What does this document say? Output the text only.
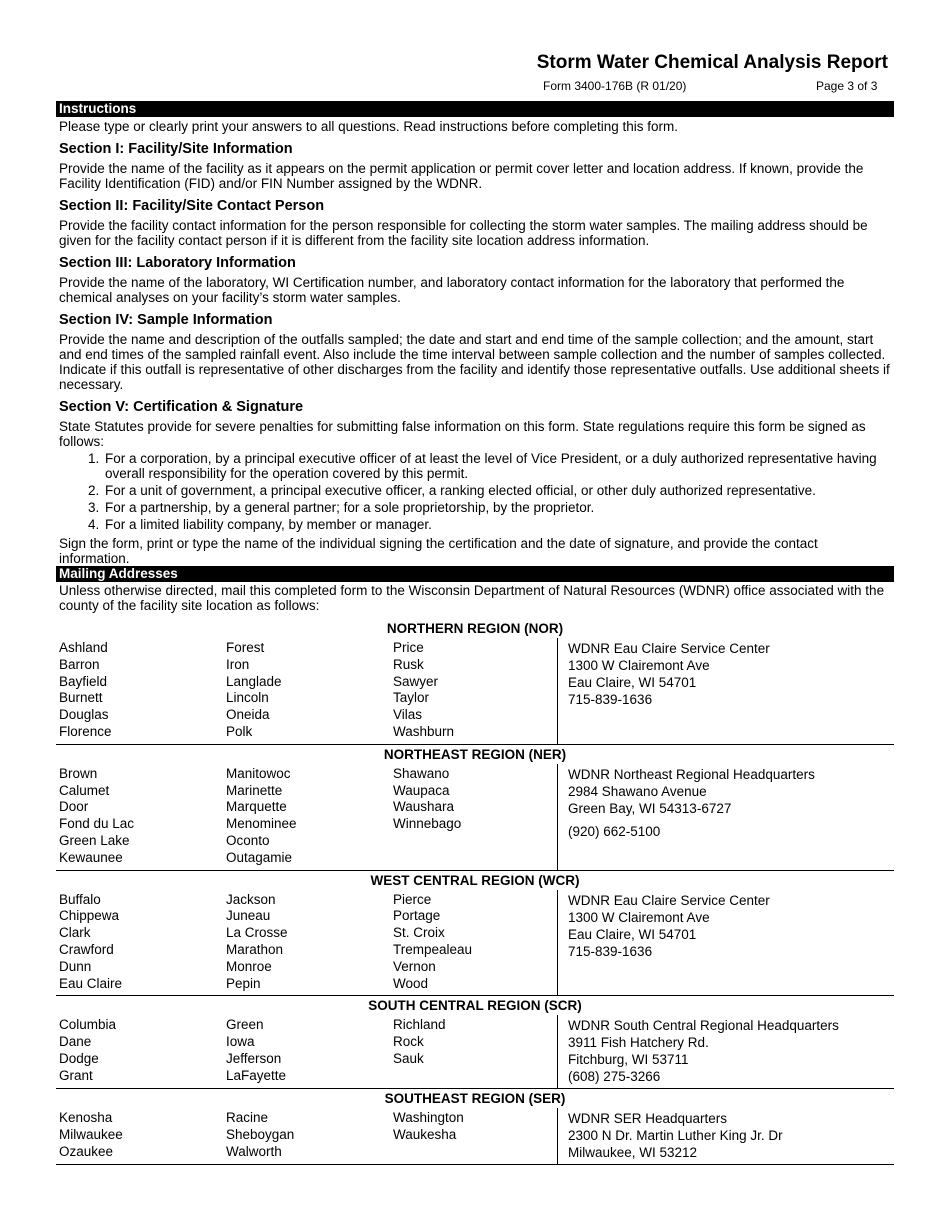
Storm Water Chemical Analysis Report
Form 3400-176B (R 01/20)	Page 3 of 3
Instructions

Please type or clearly print your answers to all questions. Read instructions before completing this form.

Section I: Facility/Site Information

Provide the name of the facility as it appears on the permit application or permit cover letter and location address. If known, provide the Facility Identification (FID) and/or FIN Number assigned by the WDNR.

Section II: Facility/Site Contact Person

Provide the facility contact information for the person responsible for collecting the storm water samples. The mailing address should be given for the facility contact person if it is different from the facility site location address information.

Section III: Laboratory Information

Provide the name of the laboratory, WI Certification number, and laboratory contact information for the laboratory that performed the chemical analyses on your facility’s storm water samples.

Section IV: Sample Information

Provide the name and description of the outfalls sampled; the date and start and end time of the sample collection; and the amount, start and end times of the sampled rainfall event. Also include the time interval between sample collection and the number of samples collected. Indicate if this outfall is representative of other discharges from the facility and identify those representative outfalls. Use additional sheets if necessary.

Section V: Certification & Signature

State Statutes provide for severe penalties for submitting false information on this form. State regulations require this form be signed as follows:

1. For a corporation, by a principal executive officer of at least the level of Vice President, or a duly authorized representative having overall responsibility for the operation covered by this permit.
2. For a unit of government, a principal executive officer, a ranking elected official, or other duly authorized representative.
3. For a partnership, by a general partner; for a sole proprietorship, by the proprietor.
4. For a limited liability company, by member or manager.

Sign the form, print or type the name of the individual signing the certification and the date of signature, and provide the contact information.

Mailing Addresses

Unless otherwise directed, mail this completed form to the Wisconsin Department of Natural Resources (WDNR) office associated with the county of the facility site location as follows:

NORTHERN REGION (NOR)
Ashland
Barron
Bayfield
Burnett
Douglas
Florence
Forest
Iron
Langlade
Lincoln
Oneida
Polk
Price
Rusk
Sawyer
Taylor
Vilas
Washburn
WDNR Eau Claire Service Center
1300 W Clairemont Ave
Eau Claire, WI 54701
715-839-1636
NORTHEAST REGION (NER)
Brown
Calumet
Door
Fond du Lac
Green Lake
Kewaunee
Manitowoc
Marinette
Marquette
Menominee
Oconto
Outagamie
Shawano
Waupaca
Waushara
Winnebago
WDNR Northeast Regional Headquarters
2984 Shawano Avenue
Green Bay, WI 54313-6727
(920) 662-5100
WEST CENTRAL REGION (WCR)
Buffalo
Chippewa
Clark
Crawford
Dunn
Eau Claire
Jackson
Juneau
La Crosse
Marathon
Monroe
Pepin
Pierce
Portage
St. Croix
Trempealeau
Vernon
Wood
WDNR Eau Claire Service Center
1300 W Clairemont Ave
Eau Claire, WI 54701
715-839-1636
SOUTH CENTRAL REGION (SCR)
Columbia
Dane
Dodge
Grant
Green
Iowa
Jefferson
LaFayette
Richland
Rock
Sauk
WDNR South Central Regional Headquarters
3911 Fish Hatchery Rd.
Fitchburg, WI 53711
(608) 275-3266
SOUTHEAST REGION (SER)
Kenosha
Milwaukee
Ozaukee
Racine
Sheboygan
Walworth
Washington
Waukesha
WDNR SER Headquarters
2300 N Dr. Martin Luther King Jr. Dr
Milwaukee, WI 53212
